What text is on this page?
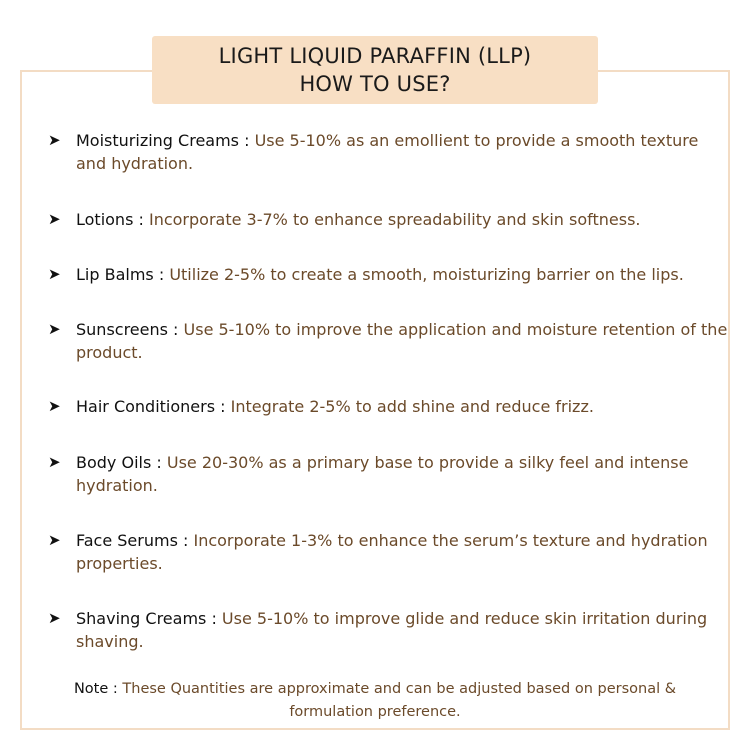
LIGHT LIQUID PARAFFIN (LLP)
HOW TO USE?
➤ Moisturizing Creams : Use 5-10% as an emollient to provide a smooth texture and hydration.
➤ Lotions : Incorporate 3-7% to enhance spreadability and skin softness.
➤ Lip Balms : Utilize 2-5% to create a smooth, moisturizing barrier on the lips.
➤ Sunscreens : Use 5-10% to improve the application and moisture retention of the product.
➤ Hair Conditioners : Integrate 2-5% to add shine and reduce frizz.
➤ Body Oils : Use 20-30% as a primary base to provide a silky feel and intense hydration.
➤ Face Serums : Incorporate 1-3% to enhance the serum’s texture and hydration properties.
➤ Shaving Creams : Use 5-10% to improve glide and reduce skin irritation during shaving.
Note : These Quantities are approximate and can be adjusted based on personal & formulation preference.
